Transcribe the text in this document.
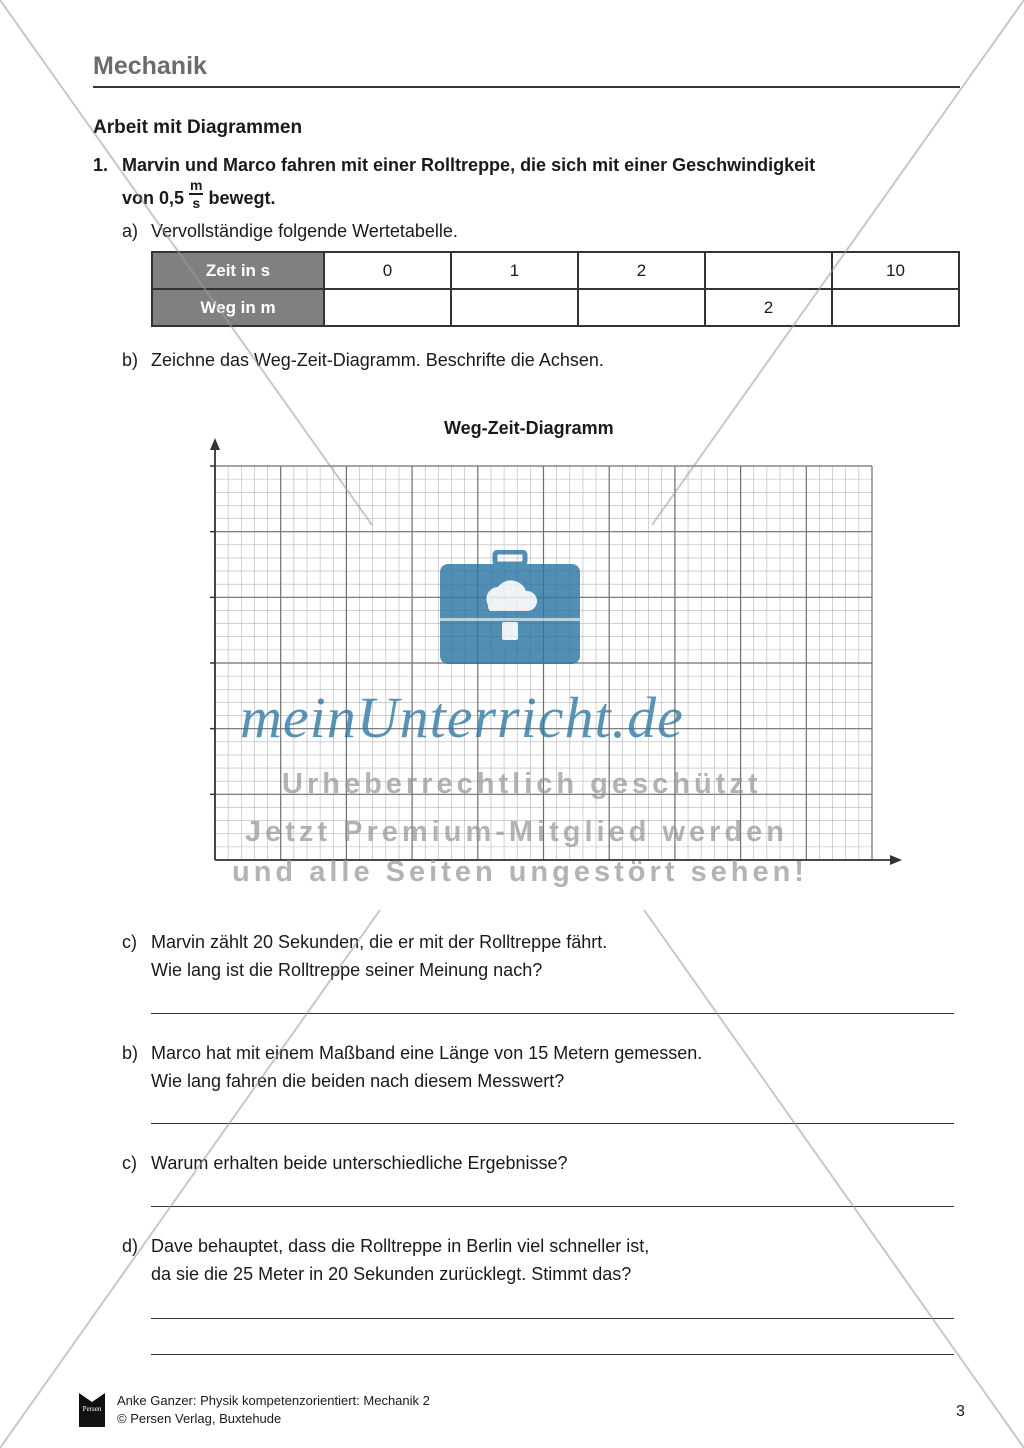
Mechanik
Arbeit mit Diagrammen
1. Marvin und Marco fahren mit einer Rolltreppe, die sich mit einer Geschwindigkeit
von $0,5 \frac{m}{s}$ bewegt.
a) Vervollständige folgende Wertetabelle.
Zeit in s	0	1	2		10
Weg in m				2	
b) Zeichne das Weg-Zeit-Diagramm. Beschrifte die Achsen.
Weg-Zeit-Diagramm
c) Marvin zählt 20 Sekunden, die er mit der Rolltreppe fährt.
Wie lang ist die Rolltreppe seiner Meinung nach?
b) Marco hat mit einem Maßband eine Länge von 15 Metern gemessen.
Wie lang fahren die beiden nach diesem Messwert?
c) Warum erhalten beide unterschiedliche Ergebnisse?
d) Dave behauptet, dass die Rolltreppe in Berlin viel schneller ist,
da sie die 25 Meter in 20 Sekunden zurücklegt. Stimmt das?
Persen
Anke Ganzer: Physik kompetenzorientiert: Mechanik 2
© Persen Verlag, Buxtehude	3
meinUnterricht.de
Urheberrechtlich geschützt
Jetzt Premium-Mitglied werden
und alle Seiten ungestört sehen!
